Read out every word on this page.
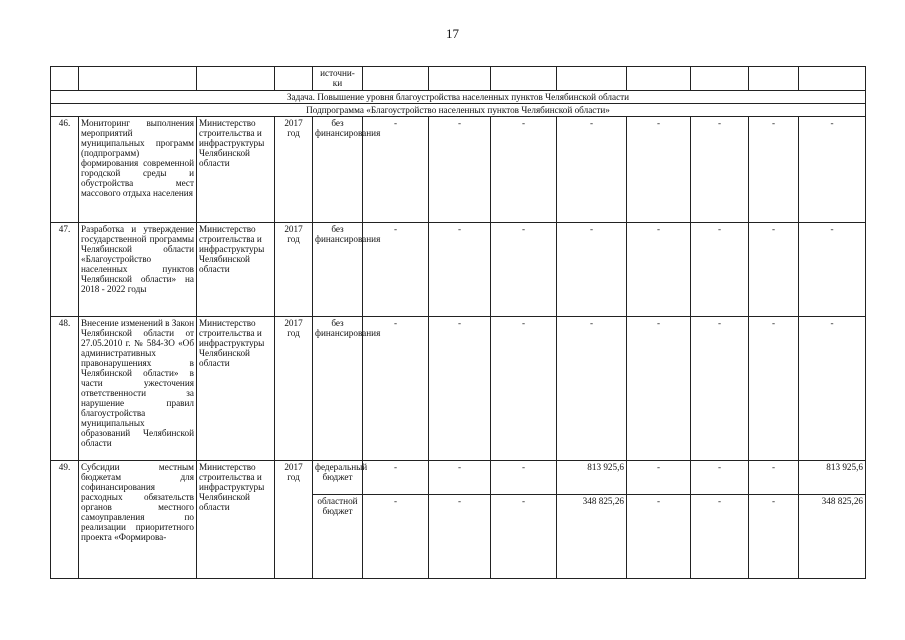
17
				источни-
ки								
Задача. Повышение уровня благоустройства населенных пунктов Челябинской области												
Подпрограмма «Благоустройство населенных пунктов Челябинской области»												
46.	Мониторинг выполнения мероприятий муниципальных программ (подпрограмм) формирования современной городской среды и обустройства мест массового отдыха населения	Министерство строительства и инфраструктуры Челябинской области	2017 год	без финансирования	-	-	-	-	-	-	-	-
47.	Разработка и утверждение государственной программы Челябинской области «Благоустройство населенных пунктов Челябинской области» на 2018 - 2022 годы	Министерство строительства и инфраструктуры Челябинской области	2017 год	без финансирования	-	-	-	-	-	-	-	-
48.	Внесение изменений в Закон Челябинской области от 27.05.2010 г. № 584-ЗО «Об административных правонарушениях в Челябинской области» в части ужесточения ответственности за нарушение правил благоустройства муниципальных образований Челябинской области	Министерство строительства и инфраструктуры Челябинской области	2017 год	без финансирования	-	-	-	-	-	-	-	-
49.	Субсидии местным бюджетам для софинансирования расходных обязательств органов местного самоуправления по реализации приоритетного проекта «Формирова-	Министерство строительства и инфраструктуры Челябинской области	2017 год	федеральный бюджет	-	-	-	813 925,6	-	-	-	813 925,6
				областной бюджет	-	-	-	348 825,26	-	-	-	348 825,26
